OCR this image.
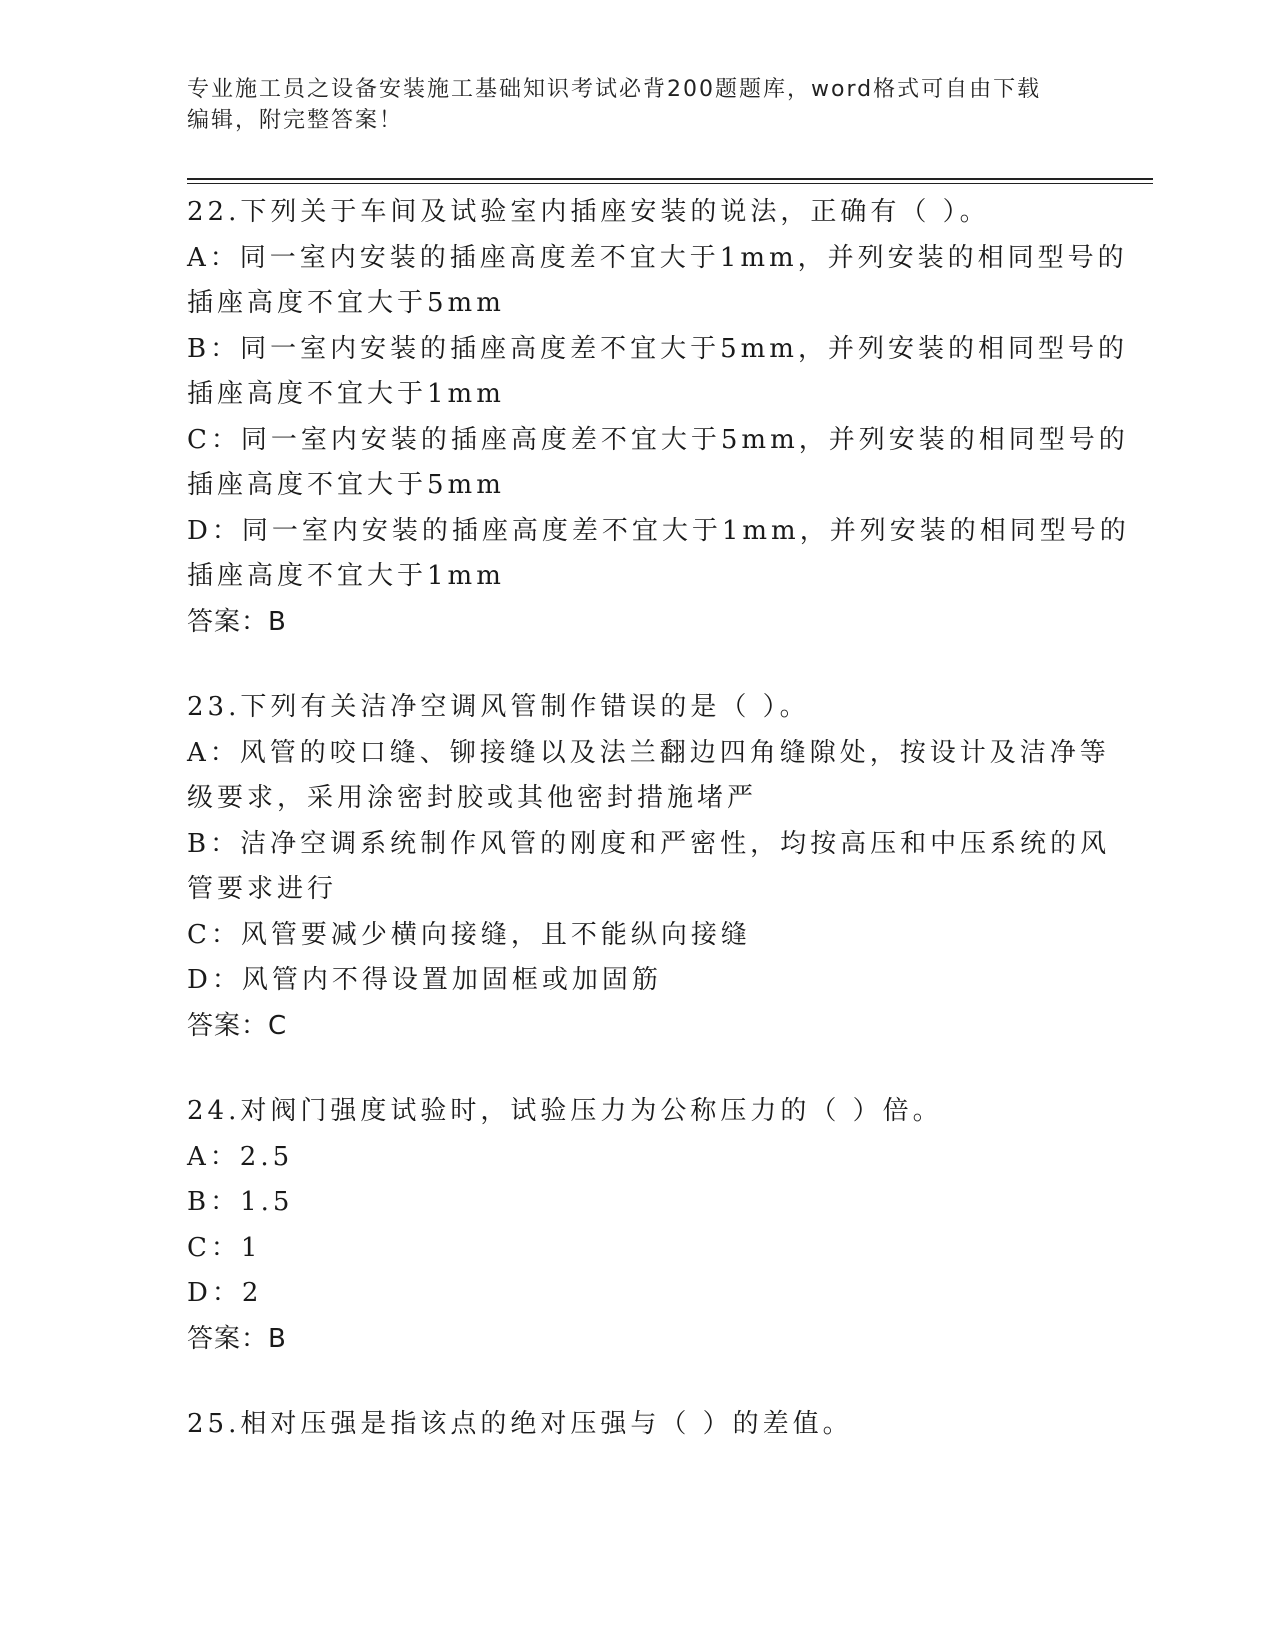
专业施工员之设备安装施工基础知识考试必背200题题库，word格式可自由下载
编辑，附完整答案！
22.下列关于车间及试验室内插座安装的说法，正确有（ ）。
A：同一室内安装的插座高度差不宜大于1mm，并列安装的相同型号的
插座高度不宜大于5mm
B：同一室内安装的插座高度差不宜大于5mm，并列安装的相同型号的
插座高度不宜大于1mm
C：同一室内安装的插座高度差不宜大于5mm，并列安装的相同型号的
插座高度不宜大于5mm
D：同一室内安装的插座高度差不宜大于1mm，并列安装的相同型号的
插座高度不宜大于1mm
答案：B
23.下列有关洁净空调风管制作错误的是（ ）。
A：风管的咬口缝、铆接缝以及法兰翻边四角缝隙处，按设计及洁净等
级要求，采用涂密封胶或其他密封措施堵严
B：洁净空调系统制作风管的刚度和严密性，均按高压和中压系统的风
管要求进行
C：风管要减少横向接缝，且不能纵向接缝
D：风管内不得设置加固框或加固筋
答案：C
24.对阀门强度试验时，试验压力为公称压力的（ ）倍。
A：2.5
B：1.5
C：1
D：2
答案：B
25.相对压强是指该点的绝对压强与（ ）的差值。
